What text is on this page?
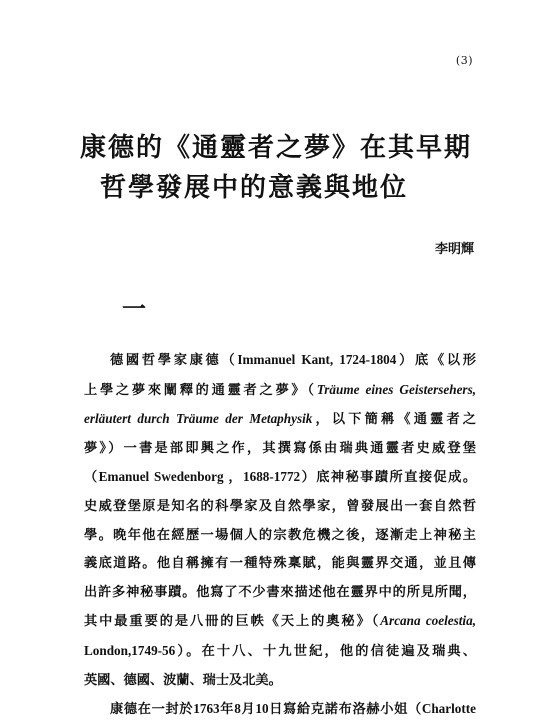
(3)
康德的《通靈者之夢》在其早期
哲學發展中的意義與地位
李明輝
一

德國哲學家康德（Immanuel Kant, 1724-1804）底《以形
上學之夢來闡釋的通靈者之夢》（Träume eines Geistersehers,
erläutert durch Träume der Metaphysik，以下簡稱《通靈者之
夢》）一書是部即興之作，其撰寫係由瑞典通靈者史威登堡
（Emanuel Swedenborg ，1688-1772）底神秘事蹟所直接促成。
史威登堡原是知名的科學家及自然學家，曾發展出一套自然哲
學。晚年他在經歷一場個人的宗教危機之後，逐漸走上神秘主
義底道路。他自稱擁有一種特殊稟賦，能與靈界交通，並且傳
出許多神秘事蹟。他寫了不少書來描述他在靈界中的所見所聞，
其中最重要的是八冊的巨帙《天上的奧秘》（Arcana coelestia,
London,1749-56）。在十八、十九世紀，他的信徒遍及瑞典、
英國、德國、波蘭、瑞士及北美。

康德在一封於1763年8月10日寫給克諾布洛赫小姐（Charlotte
